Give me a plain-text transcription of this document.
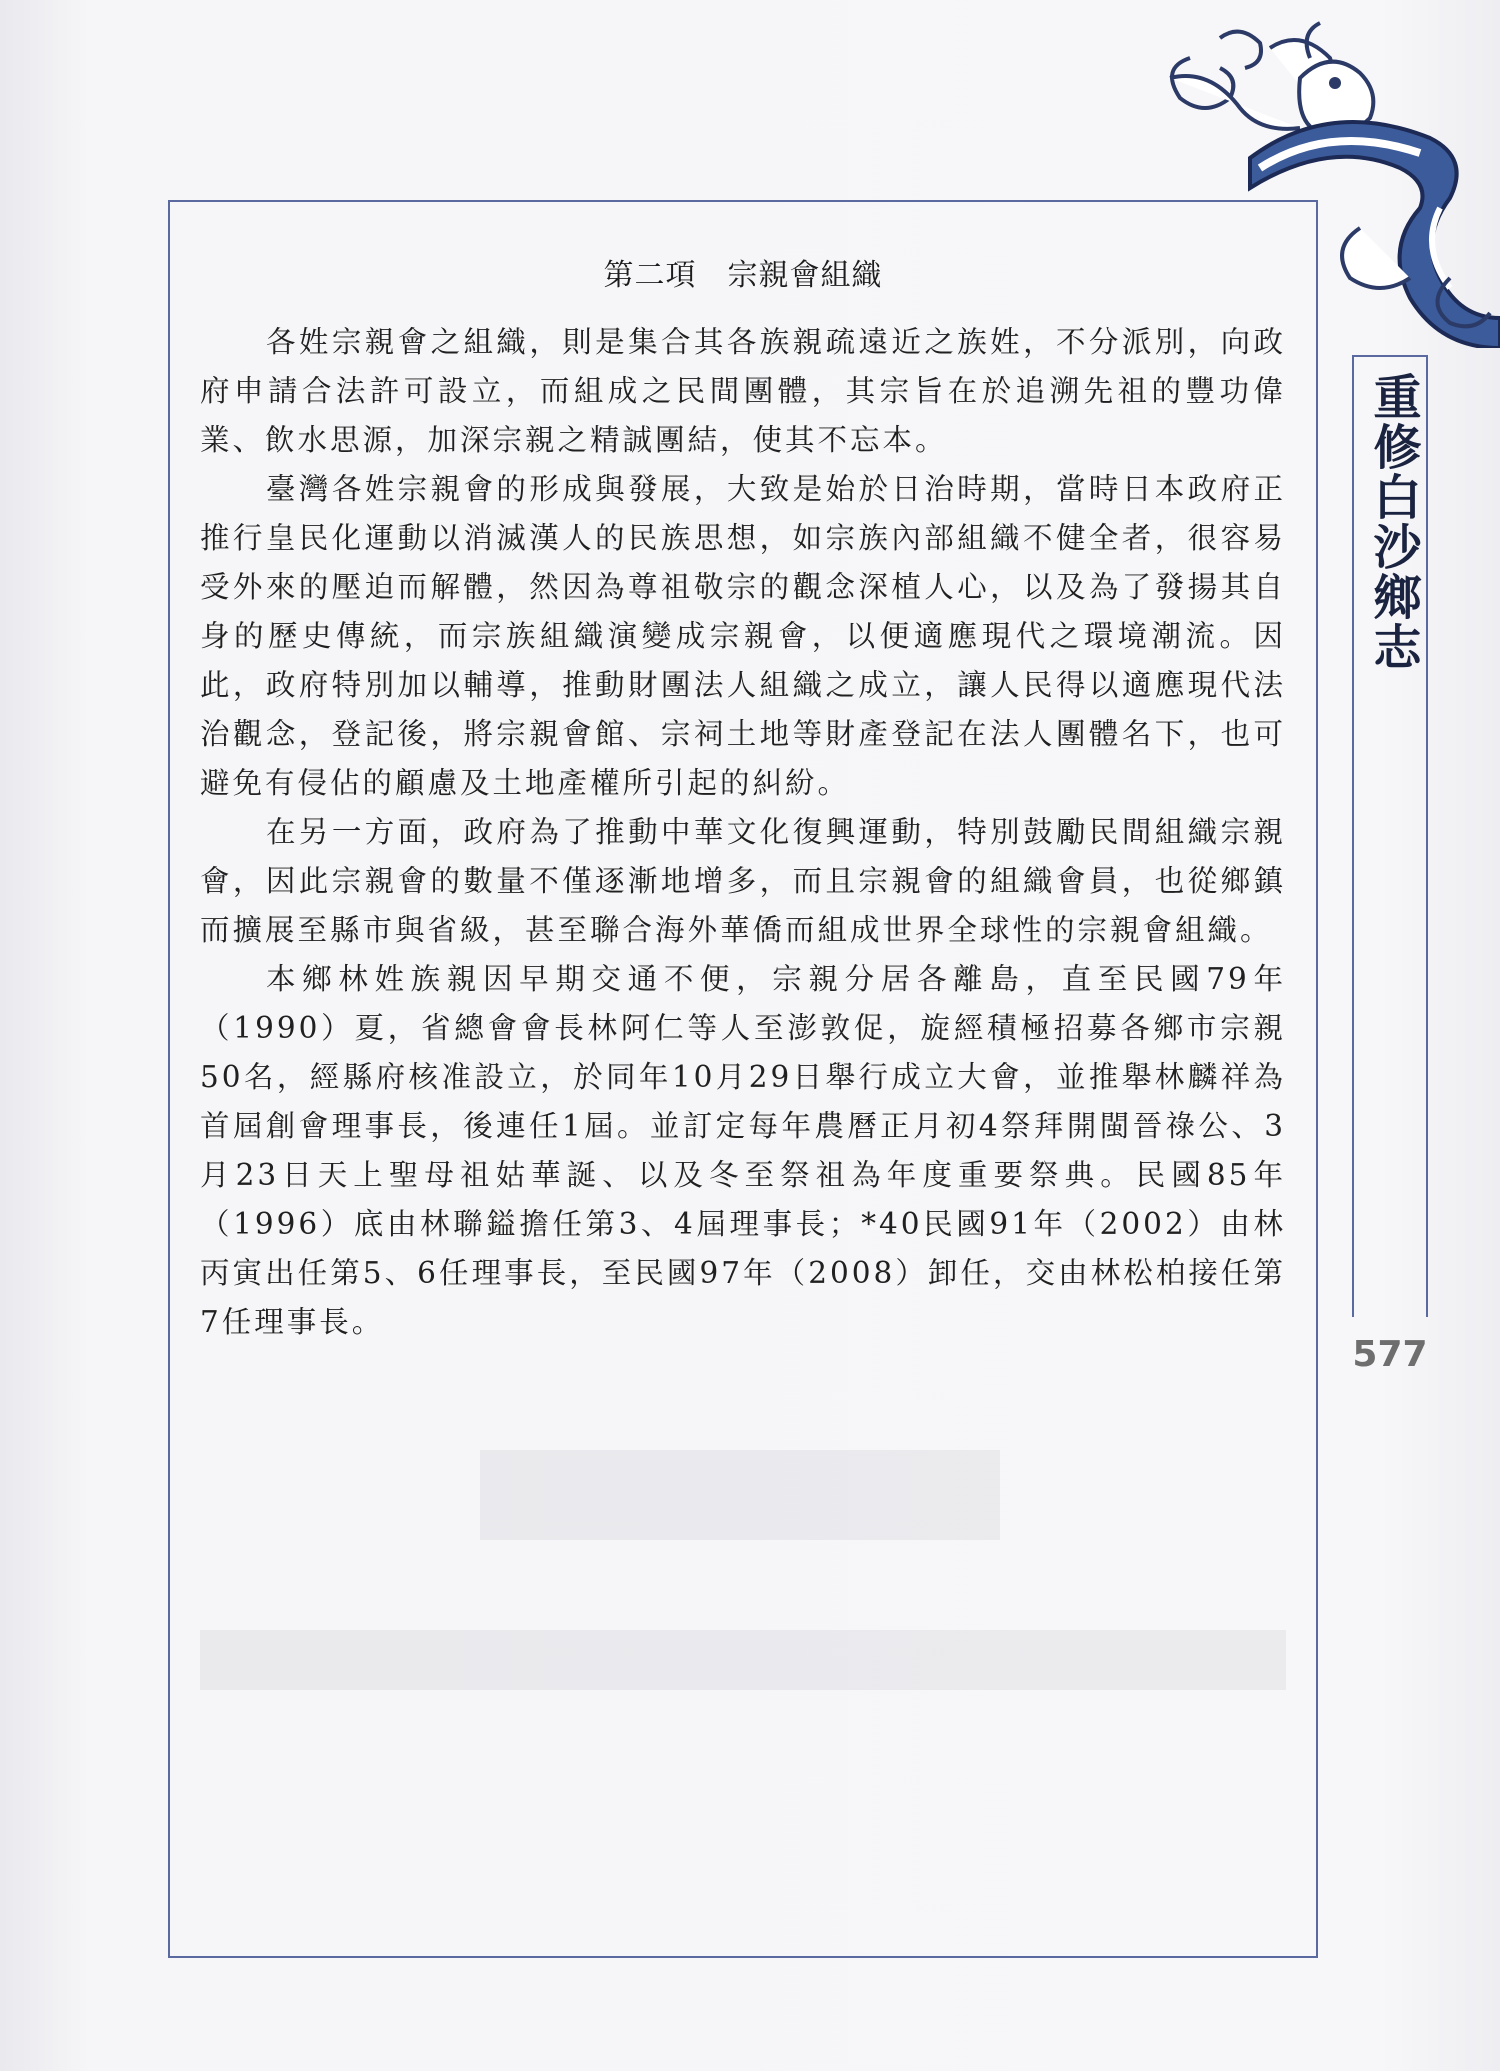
第二項　宗親會組織

各姓宗親會之組織，則是集合其各族親疏遠近之族姓，不分派別，向政府申請合法許可設立，而組成之民間團體，其宗旨在於追溯先祖的豐功偉業、飲水思源，加深宗親之精誠團結，使其不忘本。

臺灣各姓宗親會的形成與發展，大致是始於日治時期，當時日本政府正推行皇民化運動以消滅漢人的民族思想，如宗族內部組織不健全者，很容易受外來的壓迫而解體，然因為尊祖敬宗的觀念深植人心，以及為了發揚其自身的歷史傳統，而宗族組織演變成宗親會，以便適應現代之環境潮流。因此，政府特別加以輔導，推動財團法人組織之成立，讓人民得以適應現代法治觀念，登記後，將宗親會館、宗祠土地等財產登記在法人團體名下，也可避免有侵佔的顧慮及土地產權所引起的糾紛。

在另一方面，政府為了推動中華文化復興運動，特別鼓勵民間組織宗親會，因此宗親會的數量不僅逐漸地增多，而且宗親會的組織會員，也從鄉鎮而擴展至縣市與省級，甚至聯合海外華僑而組成世界全球性的宗親會組織。

本鄉林姓族親因早期交通不便，宗親分居各離島，直至民國79年（1990）夏，省總會會長林阿仁等人至澎敦促，旋經積極招募各鄉市宗親50名，經縣府核准設立，於同年10月29日舉行成立大會，並推舉林麟祥為首屆創會理事長，後連任1屆。並訂定每年農曆正月初4祭拜開閩晉祿公、3月23日天上聖母祖姑華誕、以及冬至祭祖為年度重要祭典。民國85年（1996）底由林聯鎰擔任第3、4屆理事長；*40民國91年（2002）由林丙寅出任第5、6任理事長，至民國97年（2008）卸任，交由林松柏接任第7任理事長。

重修白沙鄉志
577
